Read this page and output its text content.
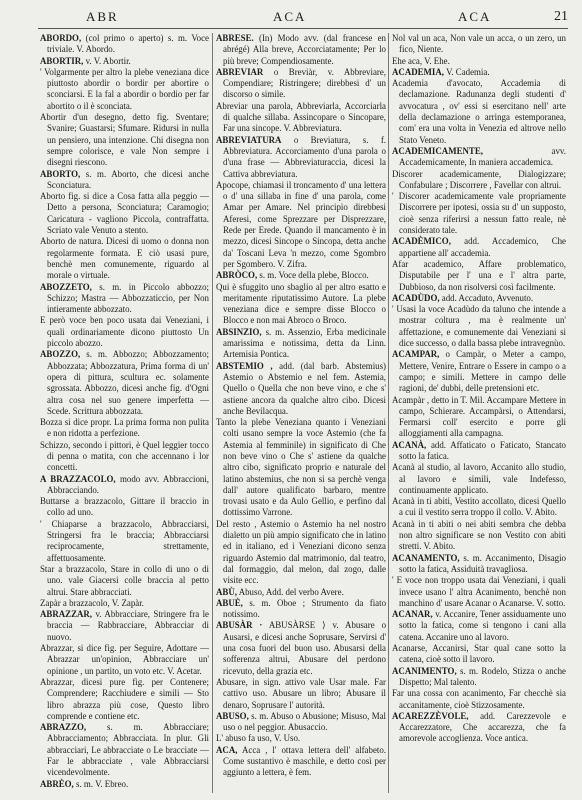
ABR	ACA	ACA	21

ABORDO, (col primo o aperto) s. m. Voce triviale. V. Abordo.

ABORTIR, v. V. Abortir.

' Volgarmente per altro la plebe veneziana dice piuttosto abordir o bordir per abortire o sconciarsi. E la fal a abordir o bordio per far abortito o il è sconciata.

Abortir d'un desegno, detto fig. Sventare; Svanire; Guastarsi; Sfumare. Ridursi in nulla un pensiero, una intenzione. Chi disegna non sempre coloriscе, e vale Non sempre i disegni riescono.

ABORTO, s. m. Aborto, che dicesi anche Sconciatura.

Aborto fig. si dice a Cosa fatta alla peggio — Detto a persona, Sconciatura; Caramogio; Caricatura - vagliono Piccola, contraffatta. Scriato vale Venuto a stento.

Aborto de natura. Dicesi di uomo o donna non regolarmente formata. E ciò usasi pure, benchè men comunemente, riguardo al morale o virtuale.

ABOZZETO, s. m. in Piccolo abbozzo; Schizzo; Mastra — Abbozzaticcio, per Non intieramente abbozzato.

E però voce ben poco usata dai Veneziani, i quali ordinariamente dicono piuttosto Un piccolo abozzo.

ABOZZO, s. m. Abbozzo; Abbozzamento; Abbozzata; Abbozzatura, Prima forma di un' opera di pittura, scultura ec. solamente sgrossata. Abbozzo, dicesi anche fig. d'Ogni altra cosa nel suo genere imperfetta — Scede. Scrittura abbozzata.

Bozza si dice propr. La prima forma non pulita e non ridotta a perfezione.

Schizzo, secondo i pittori, è Quel leggier tocco di penna o matita, con che accennano i lor concetti.

A BRAZZACOLO, modo avv. Abbraccioni, Abbracciando.

Buttarse a brazzacolo, Gittare il braccio in collo ad uno.

' Chiaparse a brazzacolo, Abbracciarsi, Stringersi fra le braccia; Abbracciarsi reciprocamente, strettamente, affettuosamente.

Star a brazzacolo, Stare in collo di uno o di uno. vale Giacersi colle braccia al petto altrui. Stare abbracciati.

Zapàr a brazzacolo, V. Zapàr.

ABRAZZAR, v. Abbracciare, Stringere fra le braccia — Rabbracciare, Abbracciar di nuovo.

Abrazzar, si dice fig. per Seguire, Adottare — Abrazzar un'opinion, Abbracciare un' opinione , un partito, un voto etc. V. Acetar.

Abrazzar, dicesi pure fig. per Contenere; Comprendere; Racchiudere e simili — Sto libro abrazza più cose, Questo libro comprende e contiene etc.

ABRAZZO, s. m. Abbracciare; Abbracciamento; Abbracciata. In plur. Gli abbracciari, Le abbracciate o Le bracciate — Far le abbraccìate , vale Abbracciarsi vicendevolmente.

ABRÈO, s. m. V. Ebreo.

ABRESE. (In) Modo avv. (dal francese en abrégé) Alla breve, Accorciatamente; Per lo più breve; Compendiosamente.

ABREVIAR o Breviàr, v. Abbreviare, Compendiare; Ristringere; direbbesi d' un discorso o simile.

Abreviar una parola, Abbreviarla, Accorciarla di qualche sillaba. Assincopare o Sincopare, Far una sincope. V. Abbreviatura.

ABREVIATURA o Breviatura, s. f. Abbreviatura. Accorciamento d'una parola o d'una frase — Abbreviaturaccia, dicesi la Cattiva abbreviatura.

Apocope, chiamasi il troncamento d' una lettera o d' una sillaba in fine d' una parola, come Amar per Amare. Nel principio direbbesi Aferesi, come Sprezzare per Disprezzare, Rede per Erede. Quando il mancamento è in mezzo, dicesi Sincope o Sincopa, detta anche da' Toscani Leva 'n mezzo, come Sgombro per Sgombero. V. Zifra.

ABRÒCO, s. m. Voce della plebe, Blocco.

Qui è sfuggito uno sbaglio al per altro esatto e meritamente riputatissimo Autore. La plebe veneziana dice e sempre disse Blocco o Blocco e non mai Abroco o Broco.

ABSINZIO, s. m. Assenzio, Erba medicinale amarissima e notissima, detta da Linn. Artemisia Pontica.

ABSTEMIO , add. (dal barb. Abstemius) Astemio o Abstemio e nel fem. Astemia, Quello o Quella che non beve vino, e che s' astiene ancora da qualche altro cibo. Dicesi anche Bevilacqua.

Tanto la plebe Veneziana quanto i Veneziani colti usano sempre la voce Astemio (che fa Astemia al femminile) in significato di Che non beve vino o Che s' astiene da qualche altro cibo, significato proprio e naturale del latino abstemius, che non si sa perchè venga dall' autore qualificato barbaro, mentre trovasi usato e da Aulo Gellio, e perfino dal dottissimo Varrone.

Del resto , Astemio o Astemio ha nel nostro dialetto un più ampio significato che in latino ed in italiano, ed i Veneziani dicono senza riguardo Astemio dal matrimonio, dal teatro, dal formaggio, dal melon, dal zogo, dalle visite ecc.

ABÙ, Abuso, Add. del verbo Avere.

ABUÈ, s. m. Oboe ; Strumento da fiato notissimo.

ABUSÀR · ABUSÀRSE ⟩ v. Abusare o Ausarsi, e dicesi anche Soprusare, Servirsi d' una cosa fuori del buon uso. Abusarsi della sofferenza altrui, Abusare del perdono ricevuto, della grazia etc.

Abusare, in sign. attivo vale Usar male. Far cattivo uso. Abusare un libro; Abusare il denaro, Soprusare l' autorità.

ABUSO, s. m. Abuso o Abusione; Misuso, Mal uso o nel peggior. Abusaccio.

L' abuso fa uso, V. Uso.

ACA, Acca , l' ottava lettera dell' alfabeto. Come sustantivo è maschile, e detto così per aggiunto a lettera, è fem.

Nol val un aca, Non vale un acca, o un zero, un fico, Niente.

Ehe aca, V. Ehe.

ACADEMIA, V. Cademia.

Academia d'avocato, Accademia di declamazione. Radunanza degli studenti d' avvocatura , ov' essi si esercitano nell' arte della declamazione o arringa estemporanea, com' era una volta in Venezia ed altrove nello Stato Veneto.

ACADEMICAMENTE,	avv. Accademicamente, In maniera accademica.

Discorer academicamente, Dialogizzare; Confabulare ; Discorrere , Favellar con altrui.

' Discorer academicamente vale propriamente Discorrere per ipotesi, ossia su d' un supposto, cioè senza riferirsi a nessun fatto reale, nè considerato tale.

ACADÈMICO, add. Accademico, Che appartiene all' accademia.

Afar academico, Affare problematico, Disputabile per l' una e l' altra parte, Dubbioso, da non risolversi così facilmente.

ACADÙDO, add. Accaduto, Avvenuto.

' Usasi la voce Acadùdo da taluno che intende a mostrar coltura , ma è realmente un' affettazione, e comunemente dai Veneziani si dice successo, o dalla bassa plebe intravegnùo.

ACAMPAR, o Campàr, o Meter a campo, Mettere, Venire, Entrare o Essere in campo o a campo; e simili. Mettere in campo delle ragioni, de' dubbi, delle pretensioni etc.

Acampàr , detto in T. Mil. Accampare Mettere in campo, Schierare. Accampàrsi, o Attendarsi, Fermarsi coll' esercito e porre gli alloggiamenti alla campagna.

ACANÀ, add. Affaticato o Faticato, Stancato sotto la fatica.

Acanà al studio, al lavoro, Accanito allo studio, al lavoro e simili, vale Indefesso, continuamente applicato.

Acanà in ti abiti, Vestito accollato, dicesi Quello a cui il vestito serra troppo il collo. V. Abito.

Acanà in ti abiti o nei abiti sembra che debba non altro significare se non Vestito con abiti stretti. V. Abito.

ACANAMENTO, s. m. Accanimento, Disagio sotto la fatica, Assiduità travagliosa.

' E voce non troppo usata dai Veneziani, i quali invece usano l' altra Acanimento, benchè non manchino d' usare Acanar o Acanarse. V. sotto.

ACANAR, v. Accanire, Tener assiduamente uno sotto la fatica, come si tengono i cani alla catena. Accanire uno al lavoro.

Acanarse, Accanirsi, Star qual cane sotto la catena, cioè sotto il lavoro.

ACANIMENTO, s. m. Rodelo, Stizza o anche Dispetto; Mal talento.

Far una cossa con acanimento, Far checchè sia accanitamente, cioè Stizzosamente.

ACAREZZÈVOLE, add. Carezzevole e Accarezzatore, Che accarezza, che fa amorevole accoglienza. Voce antica.
